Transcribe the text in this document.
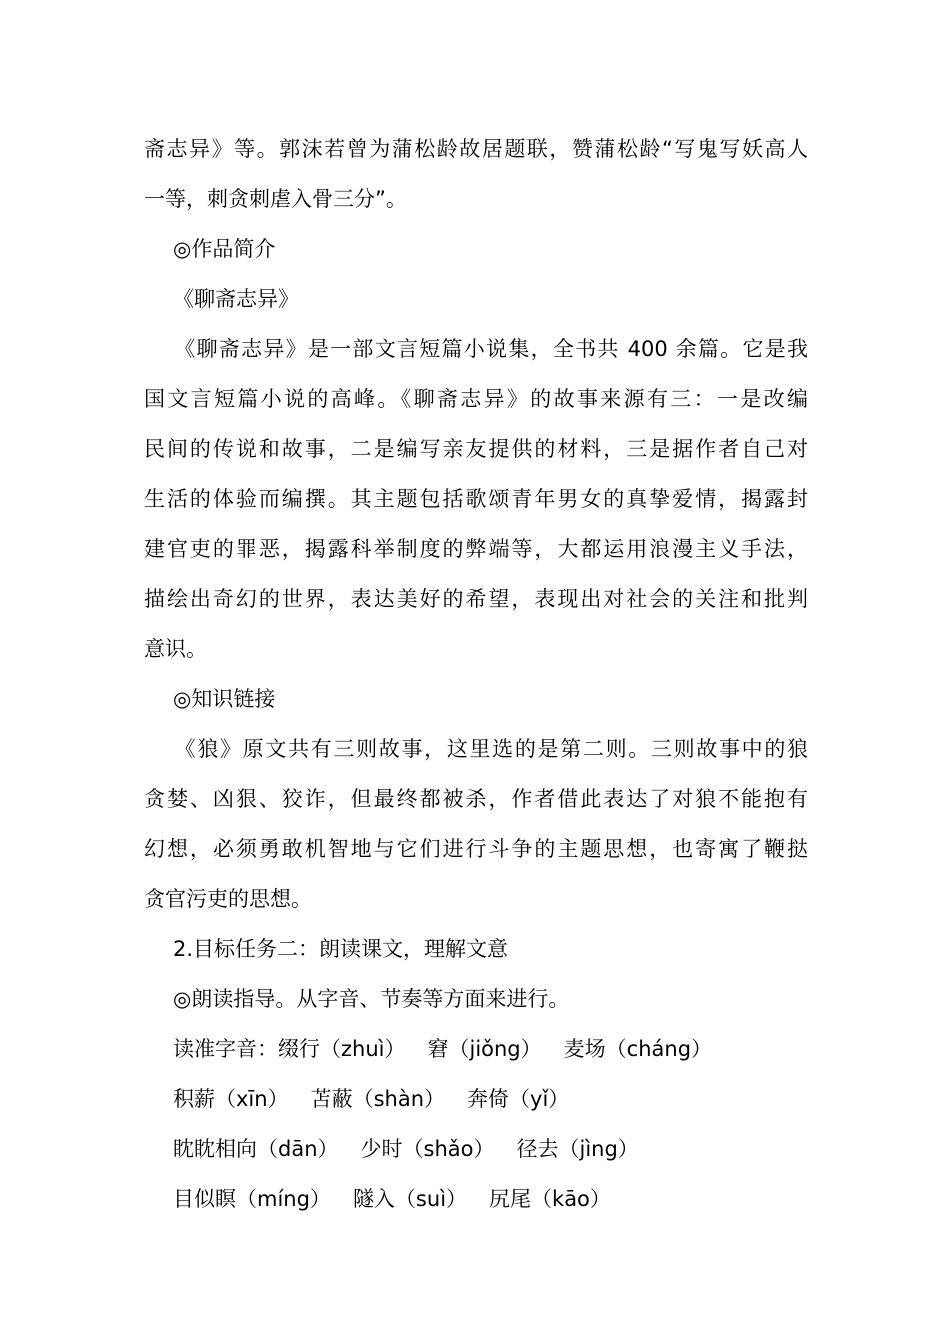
斋志异》等。郭沫若曾为蒲松龄故居题联，赞蒲松龄“写鬼写妖高人
一等，刺贪刺虐入骨三分”。
◎作品简介
《聊斋志异》
《聊斋志异》是一部文言短篇小说集，全书共 400 余篇。它是我
国文言短篇小说的高峰。《聊斋志异》的故事来源有三：一是改编
民间的传说和故事，二是编写亲友提供的材料，三是据作者自己对
生活的体验而编撰。其主题包括歌颂青年男女的真挚爱情，揭露封
建官吏的罪恶，揭露科举制度的弊端等，大都运用浪漫主义手法，
描绘出奇幻的世界，表达美好的希望，表现出对社会的关注和批判
意识。
◎知识链接
《狼》原文共有三则故事，这里选的是第二则。三则故事中的狼
贪婪、凶狠、狡诈，但最终都被杀，作者借此表达了对狼不能抱有
幻想，必须勇敢机智地与它们进行斗争的主题思想，也寄寓了鞭挞
贪官污吏的思想。
2.目标任务二：朗读课文，理解文意
◎朗读指导。从字音、节奏等方面来进行。
读准字音：缀行（zhuì） 窘（jiǒng） 麦场（cháng）
积薪（xīn） 苫蔽（shàn） 奔倚（yǐ）
眈眈相向（dān） 少时（shǎo） 径去（jìng）
目似瞑（míng） 隧入（suì） 尻尾（kāo）
